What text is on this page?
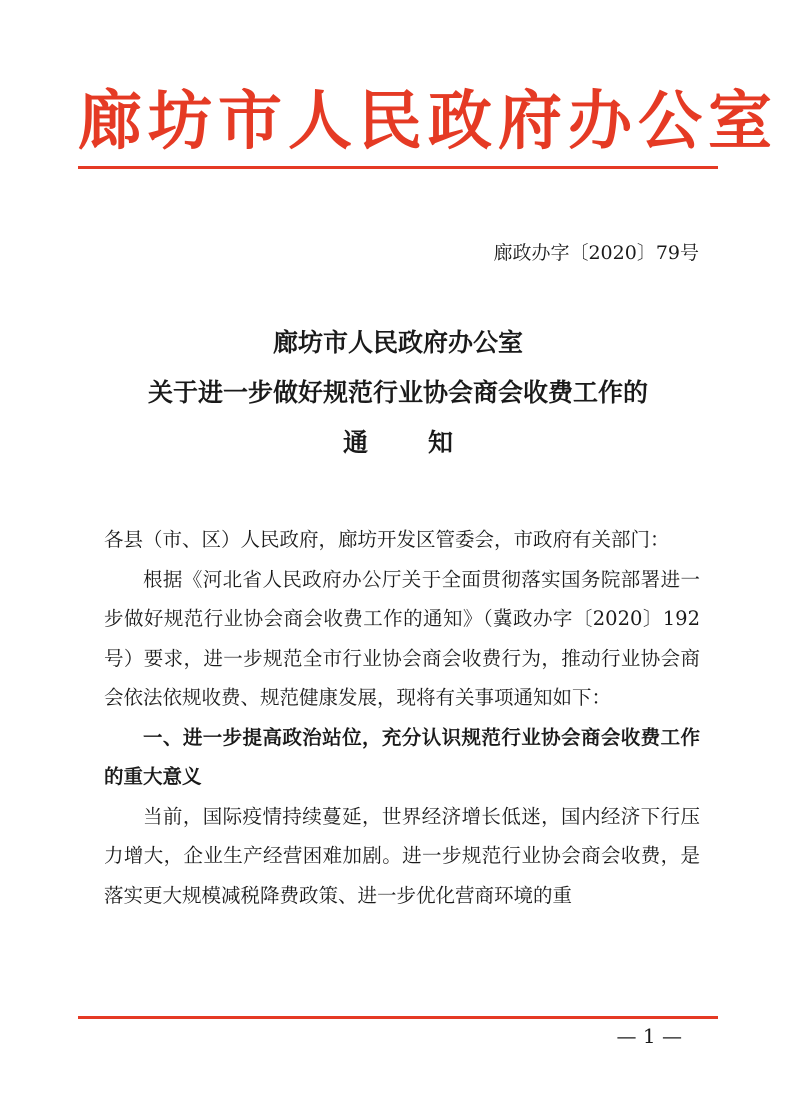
廊坊市人民政府办公室
廊政办字〔2020〕79号
廊坊市人民政府办公室
关于进一步做好规范行业协会商会收费工作的
通知

各县（市、区）人民政府，廊坊开发区管委会，市政府有关部门：

根据《河北省人民政府办公厅关于全面贯彻落实国务院部署进一步做好规范行业协会商会收费工作的通知》（冀政办字〔2020〕192号）要求，进一步规范全市行业协会商会收费行为，推动行业协会商会依法依规收费、规范健康发展，现将有关事项通知如下：

一、进一步提高政治站位，充分认识规范行业协会商会收费工作的重大意义

当前，国际疫情持续蔓延，世界经济增长低迷，国内经济下行压力增大，企业生产经营困难加剧。进一步规范行业协会商会收费，是落实更大规模减税降费政策、进一步优化营商环境的重

— 1 —
